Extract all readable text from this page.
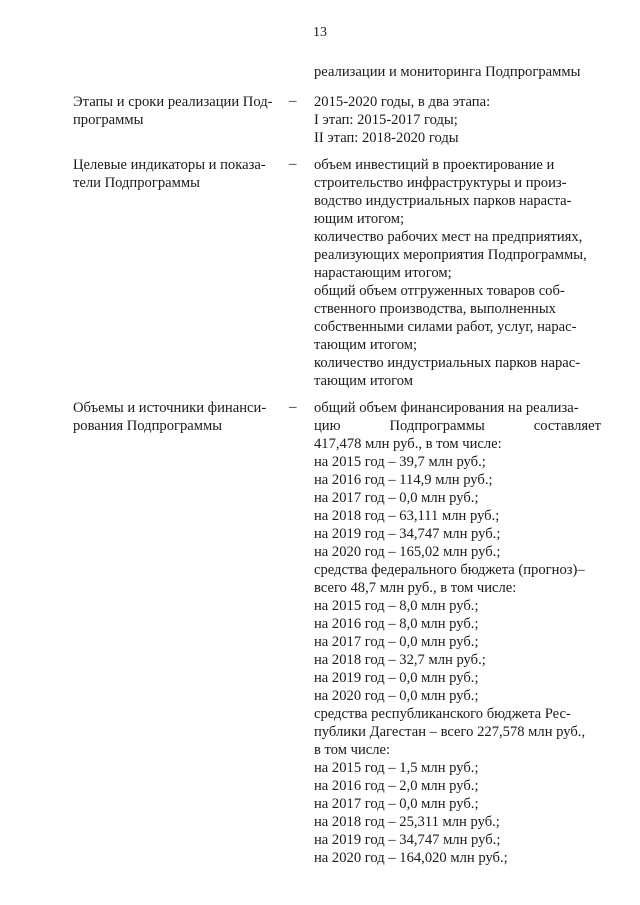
13
реализации и мониторинга Подпрограммы
Этапы и сроки реализации Под-
программы
– 2015-2020 годы, в два этапа:
I этап: 2015-2017 годы;
II этап: 2018-2020 годы
Целевые индикаторы и показа-
тели Подпрограммы
– объем инвестиций в проектирование и
строительство инфраструктуры и произ-
водство индустриальных парков нараста-
ющим итогом;
количество рабочих мест на предприятиях,
реализующих мероприятия Подпрограммы,
нарастающим итогом;
общий объем отгруженных товаров соб-
ственного производства, выполненных
собственными силами работ, услуг, нарас-
тающим итогом;
количество индустриальных парков нарас-
тающим итогом
Объемы и источники финанси-
рования Подпрограммы
– общий объем финансирования на реализа-
цию	Подпрограммы	составляет
417,478 млн руб., в том числе:
на 2015 год – 39,7 млн руб.;
на 2016 год – 114,9 млн руб.;
на 2017 год – 0,0 млн руб.;
на 2018 год – 63,111 млн руб.;
на 2019 год – 34,747 млн руб.;
на 2020 год – 165,02 млн руб.;
средства федерального бюджета (прогноз)–
всего 48,7 млн руб., в том числе:
на 2015 год – 8,0 млн руб.;
на 2016 год – 8,0 млн руб.;
на 2017 год – 0,0 млн руб.;
на 2018 год – 32,7 млн руб.;
на 2019 год – 0,0 млн руб.;
на 2020 год – 0,0 млн руб.;
средства республиканского бюджета Рес-
публики Дагестан – всего 227,578 млн руб.,
в том числе:
на 2015 год – 1,5 млн руб.;
на 2016 год – 2,0 млн руб.;
на 2017 год – 0,0 млн руб.;
на 2018 год – 25,311 млн руб.;
на 2019 год – 34,747 млн руб.;
на 2020 год – 164,020 млн руб.;
